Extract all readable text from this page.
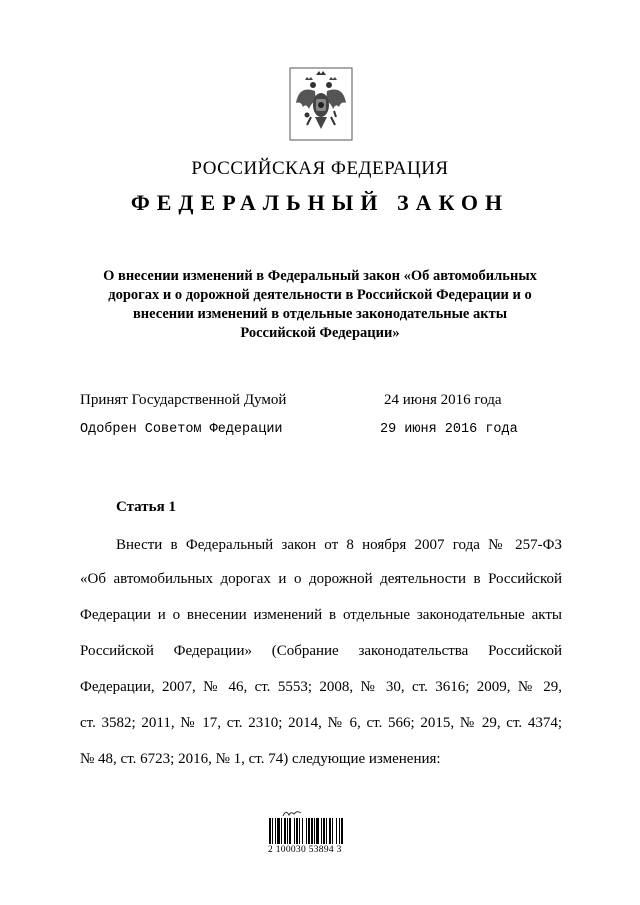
РОССИЙСКАЯ ФЕДЕРАЦИЯ
ФЕДЕРАЛЬНЫЙ ЗАКОН
О внесении изменений в Федеральный закон «Об автомобильных
дорогах и о дорожной деятельности в Российской Федерации и о
внесении изменений в отдельные законодательные акты
Российской Федерации»
Принят Государственной Думой	24 июня 2016 года
Одобрен Советом Федерации	29 июня 2016 года
Статья 1
Внести в Федеральный закон от 8 ноября 2007 года № 257-ФЗ
«Об автомобильных дорогах и о дорожной деятельности в Российской
Федерации и о внесении изменений в отдельные законодательные акты
Российской Федерации» (Собрание законодательства Российской
Федерации, 2007, № 46, ст. 5553; 2008, № 30, ст. 3616; 2009, № 29,
ст. 3582; 2011, № 17, ст. 2310; 2014, № 6, ст. 566; 2015, № 29, ст. 4374;
№ 48, ст. 6723; 2016, № 1, ст. 74) следующие изменения:
2 100030 53894 3
